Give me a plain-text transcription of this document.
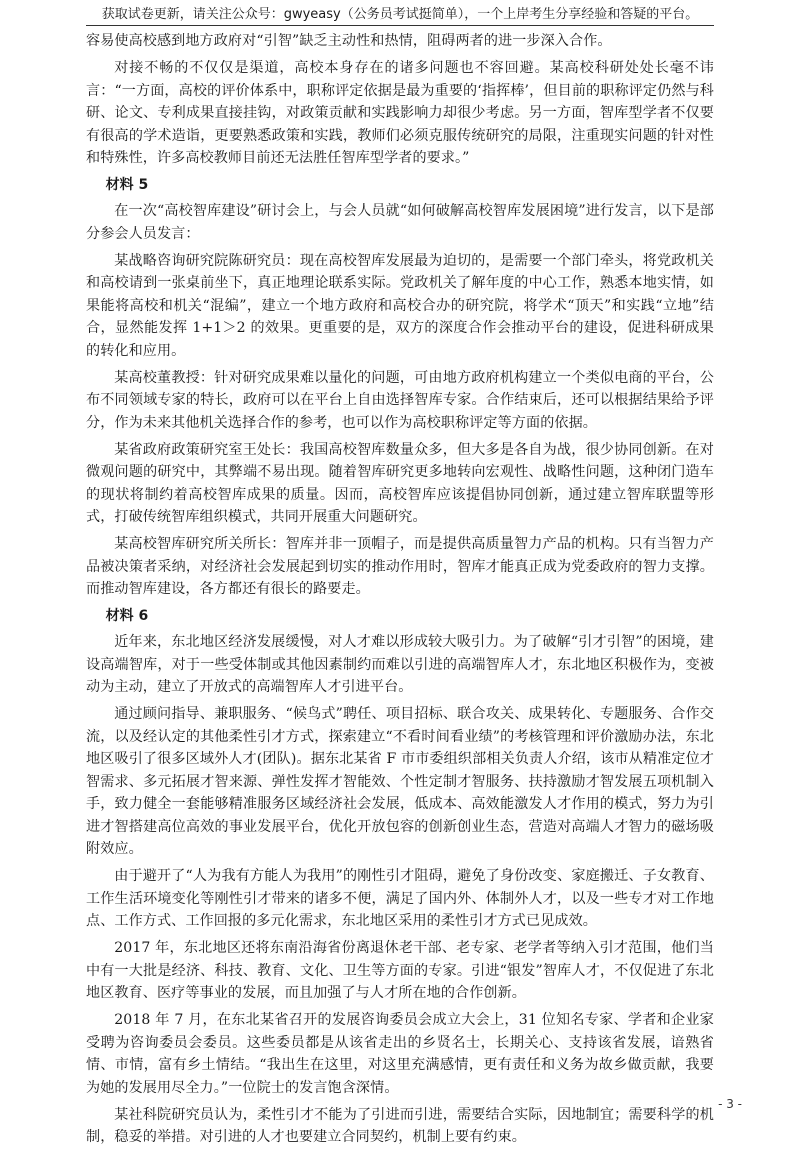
获取试卷更新，请关注公众号：gwyeasy（公务员考试挺简单），一个上岸考生分享经验和答疑的平台。

容易使高校感到地方政府对“引智”缺乏主动性和热情，阻碍两者的进一步深入合作。

对接不畅的不仅仅是渠道，高校本身存在的诸多问题也不容回避。某高校科研处处长毫不讳言：“一方面，高校的评价体系中，职称评定依据是最为重要的‘指挥棒’，但目前的职称评定仍然与科研、论文、专利成果直接挂钩，对政策贡献和实践影响力却很少考虑。另一方面，智库型学者不仅要有很高的学术造诣，更要熟悉政策和实践，教师们必须克服传统研究的局限，注重现实问题的针对性和特殊性，许多高校教师目前还无法胜任智库型学者的要求。”

材料 5

在一次“高校智库建设”研讨会上，与会人员就“如何破解高校智库发展困境”进行发言，以下是部分参会人员发言：

某战略咨询研究院陈研究员：现在高校智库发展最为迫切的，是需要一个部门牵头，将党政机关和高校请到一张桌前坐下，真正地理论联系实际。党政机关了解年度的中心工作，熟悉本地实情，如果能将高校和机关“混编”，建立一个地方政府和高校合办的研究院，将学术“顶天”和实践“立地”结合，显然能发挥 1+1＞2 的效果。更重要的是，双方的深度合作会推动平台的建设，促进科研成果的转化和应用。

某高校董教授：针对研究成果难以量化的问题，可由地方政府机构建立一个类似电商的平台，公布不同领域专家的特长，政府可以在平台上自由选择智库专家。合作结束后，还可以根据结果给予评分，作为未来其他机关选择合作的参考，也可以作为高校职称评定等方面的依据。

某省政府政策研究室王处长：我国高校智库数量众多，但大多是各自为战，很少协同创新。在对微观问题的研究中，其弊端不易出现。随着智库研究更多地转向宏观性、战略性问题，这种闭门造车的现状将制约着高校智库成果的质量。因而，高校智库应该提倡协同创新，通过建立智库联盟等形式，打破传统智库组织模式，共同开展重大问题研究。

某高校智库研究所关所长：智库并非一顶帽子，而是提供高质量智力产品的机构。只有当智力产品被决策者采纳，对经济社会发展起到切实的推动作用时，智库才能真正成为党委政府的智力支撑。而推动智库建设，各方都还有很长的路要走。

材料 6

近年来，东北地区经济发展缓慢，对人才难以形成较大吸引力。为了破解“引才引智”的困境，建设高端智库，对于一些受体制或其他因素制约而难以引进的高端智库人才，东北地区积极作为，变被动为主动，建立了开放式的高端智库人才引进平台。

通过顾问指导、兼职服务、“候鸟式”聘任、项目招标、联合攻关、成果转化、专题服务、合作交流，以及经认定的其他柔性引才方式，探索建立“不看时间看业绩”的考核管理和评价激励办法，东北地区吸引了很多区域外人才(团队)。据东北某省 F 市市委组织部相关负责人介绍，该市从精准定位才智需求、多元拓展才智来源、弹性发挥才智能效、个性定制才智服务、扶持激励才智发展五项机制入手，致力健全一套能够精准服务区域经济社会发展，低成本、高效能激发人才作用的模式，努力为引进才智搭建高位高效的事业发展平台，优化开放包容的创新创业生态，营造对高端人才智力的磁场吸附效应。

由于避开了“人为我有方能人为我用”的刚性引才阻碍，避免了身份改变、家庭搬迁、子女教育、工作生活环境变化等刚性引才带来的诸多不便，满足了国内外、体制外人才，以及一些专才对工作地点、工作方式、工作回报的多元化需求，东北地区采用的柔性引才方式已见成效。

2017 年，东北地区还将东南沿海省份离退休老干部、老专家、老学者等纳入引才范围，他们当中有一大批是经济、科技、教育、文化、卫生等方面的专家。引进“银发”智库人才，不仅促进了东北地区教育、医疗等事业的发展，而且加强了与人才所在地的合作创新。

2018 年 7 月，在东北某省召开的发展咨询委员会成立大会上，31 位知名专家、学者和企业家受聘为咨询委员会委员。这些委员都是从该省走出的乡贤名士，长期关心、支持该省发展，谙熟省情、市情，富有乡土情结。“我出生在这里，对这里充满感情，更有责任和义务为故乡做贡献，我要为她的发展用尽全力。”一位院士的发言饱含深情。

某社科院研究员认为，柔性引才不能为了引进而引进，需要结合实际，因地制宜；需要科学的机制，稳妥的举措。对引进的人才也要建立合同契约，机制上要有约束。

- 3 -
